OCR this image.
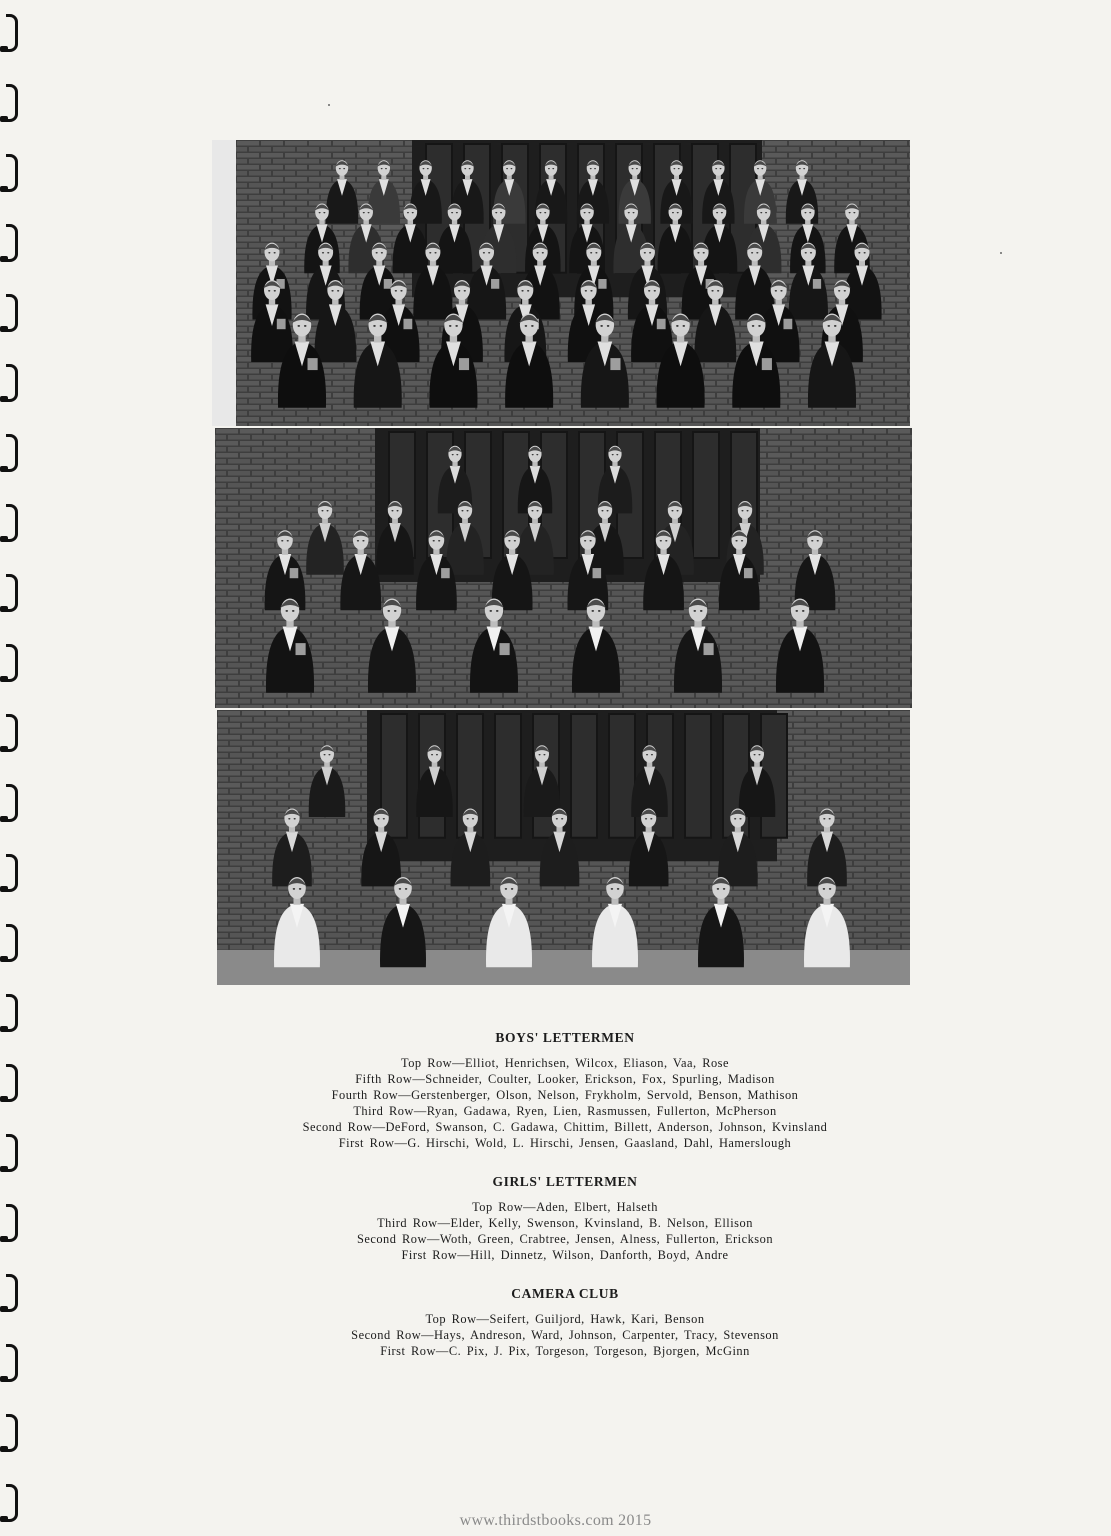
BOYS' LETTERMEN
Top Row—Elliot, Henrichsen, Wilcox, Eliason, Vaa, Rose
Fifth Row—Schneider, Coulter, Looker, Erickson, Fox, Spurling, Madison
Fourth Row—Gerstenberger, Olson, Nelson, Frykholm, Servold, Benson, Mathison
Third Row—Ryan, Gadawa, Ryen, Lien, Rasmussen, Fullerton, McPherson
Second Row—DeFord, Swanson, C. Gadawa, Chittim, Billett, Anderson, Johnson, Kvinsland
First Row—G. Hirschi, Wold, L. Hirschi, Jensen, Gaasland, Dahl, Hamerslough
GIRLS' LETTERMEN
Top Row—Aden, Elbert, Halseth
Third Row—Elder, Kelly, Swenson, Kvinsland, B. Nelson, Ellison
Second Row—Woth, Green, Crabtree, Jensen, Alness, Fullerton, Erickson
First Row—Hill, Dinnetz, Wilson, Danforth, Boyd, Andre
CAMERA CLUB
Top Row—Seifert, Guiljord, Hawk, Kari, Benson
Second Row—Hays, Andreson, Ward, Johnson, Carpenter, Tracy, Stevenson
First Row—C. Pix, J. Pix, Torgeson, Torgeson, Bjorgen, McGinn
www.thirdstbooks.com 2015
